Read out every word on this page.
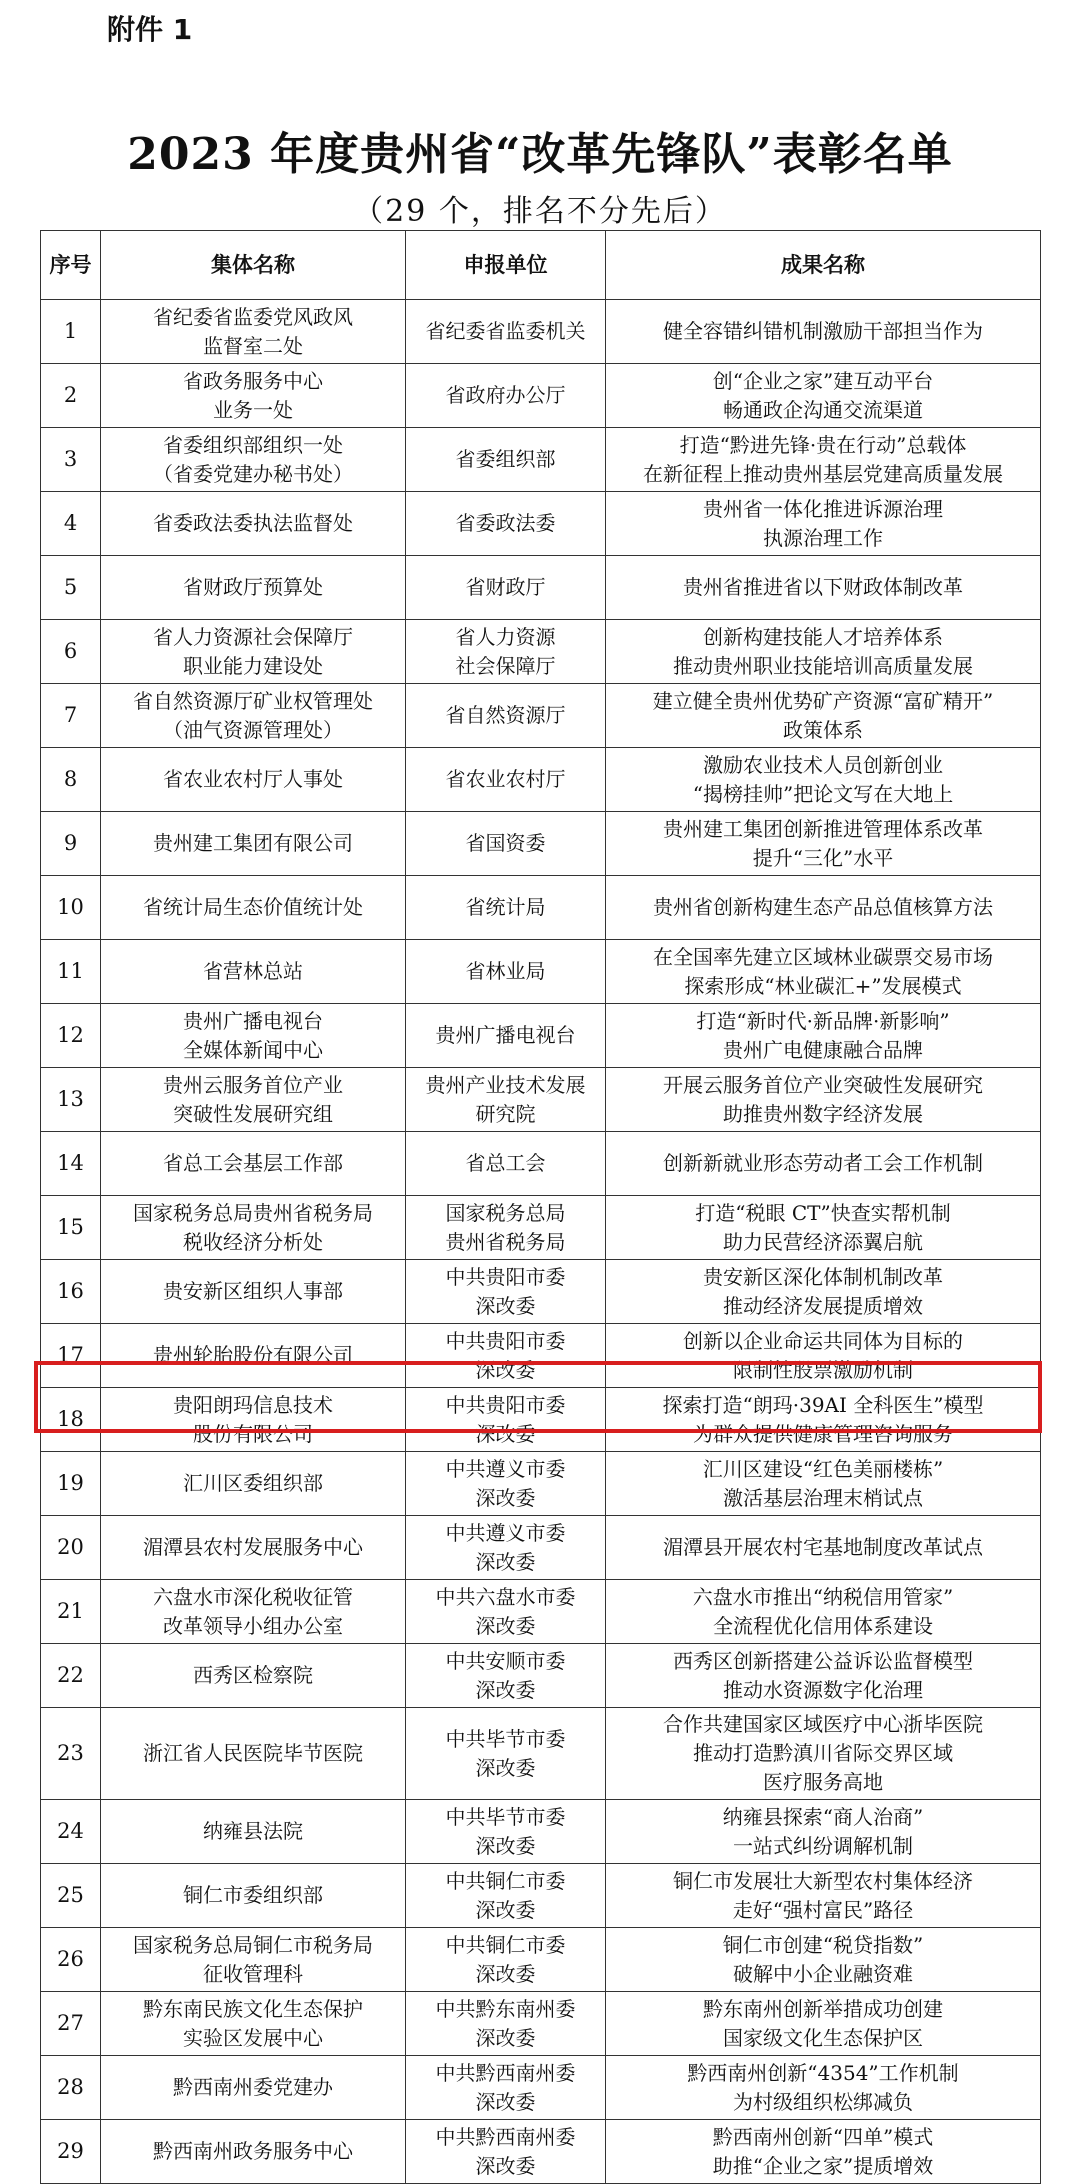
附件 1
2023 年度贵州省“改革先锋队”表彰名单
（29 个，排名不分先后）
序号	集体名称	申报单位	成果名称
1	省纪委省监委党风政风
监督室二处	省纪委省监委机关	健全容错纠错机制激励干部担当作为

2	省政务服务中心
业务一处	省政府办公厅	创“企业之家”建互动平台
畅通政企沟通交流渠道

3	省委组织部组织一处
（省委党建办秘书处）	省委组织部	打造“黔进先锋·贵在行动”总载体
在新征程上推动贵州基层党建高质量发展

4	省委政法委执法监督处	省委政法委	贵州省一体化推进诉源治理
执源治理工作

5	省财政厅预算处	省财政厅	贵州省推进省以下财政体制改革

6	省人力资源社会保障厅
职业能力建设处	省人力资源
社会保障厅	创新构建技能人才培养体系
推动贵州职业技能培训高质量发展

7	省自然资源厅矿业权管理处
（油气资源管理处）	省自然资源厅	建立健全贵州优势矿产资源“富矿精开”
政策体系

8	省农业农村厅人事处	省农业农村厅	激励农业技术人员创新创业
“揭榜挂帅”把论文写在大地上

9	贵州建工集团有限公司	省国资委	贵州建工集团创新推进管理体系改革
提升“三化”水平

10	省统计局生态价值统计处	省统计局	贵州省创新构建生态产品总值核算方法

11	省营林总站	省林业局	在全国率先建立区域林业碳票交易市场
探索形成“林业碳汇+”发展模式

12	贵州广播电视台
全媒体新闻中心	贵州广播电视台	打造“新时代·新品牌·新影响”
贵州广电健康融合品牌

13	贵州云服务首位产业
突破性发展研究组	贵州产业技术发展
研究院	开展云服务首位产业突破性发展研究
助推贵州数字经济发展

14	省总工会基层工作部	省总工会	创新新就业形态劳动者工会工作机制

15	国家税务总局贵州省税务局
税收经济分析处	国家税务总局
贵州省税务局	打造“税眼 CT”快查实帮机制
助力民营经济添翼启航

16	贵安新区组织人事部	中共贵阳市委
深改委	贵安新区深化体制机制改革
推动经济发展提质增效

17	贵州轮胎股份有限公司	中共贵阳市委
深改委	创新以企业命运共同体为目标的
限制性股票激励机制

18	贵阳朗玛信息技术
股份有限公司	中共贵阳市委
深改委	探索打造“朗玛·39AI 全科医生”模型
为群众提供健康管理咨询服务

19	汇川区委组织部	中共遵义市委
深改委	汇川区建设“红色美丽楼栋”
激活基层治理末梢试点

20	湄潭县农村发展服务中心	中共遵义市委
深改委	湄潭县开展农村宅基地制度改革试点

21	六盘水市深化税收征管
改革领导小组办公室	中共六盘水市委
深改委	六盘水市推出“纳税信用管家”
全流程优化信用体系建设

22	西秀区检察院	中共安顺市委
深改委	西秀区创新搭建公益诉讼监督模型
推动水资源数字化治理

23	浙江省人民医院毕节医院	中共毕节市委
深改委	合作共建国家区域医疗中心浙毕医院
推动打造黔滇川省际交界区域
医疗服务高地

24	纳雍县法院	中共毕节市委
深改委	纳雍县探索“商人治商”
一站式纠纷调解机制

25	铜仁市委组织部	中共铜仁市委
深改委	铜仁市发展壮大新型农村集体经济
走好“强村富民”路径

26	国家税务总局铜仁市税务局
征收管理科	中共铜仁市委
深改委	铜仁市创建“税贷指数”
破解中小企业融资难

27	黔东南民族文化生态保护
实验区发展中心	中共黔东南州委
深改委	黔东南州创新举措成功创建
国家级文化生态保护区

28	黔西南州委党建办	中共黔西南州委
深改委	黔西南州创新“4354”工作机制
为村级组织松绑减负

29	黔西南州政务服务中心	中共黔西南州委
深改委	黔西南州创新“四单”模式
助推“企业之家”提质增效
